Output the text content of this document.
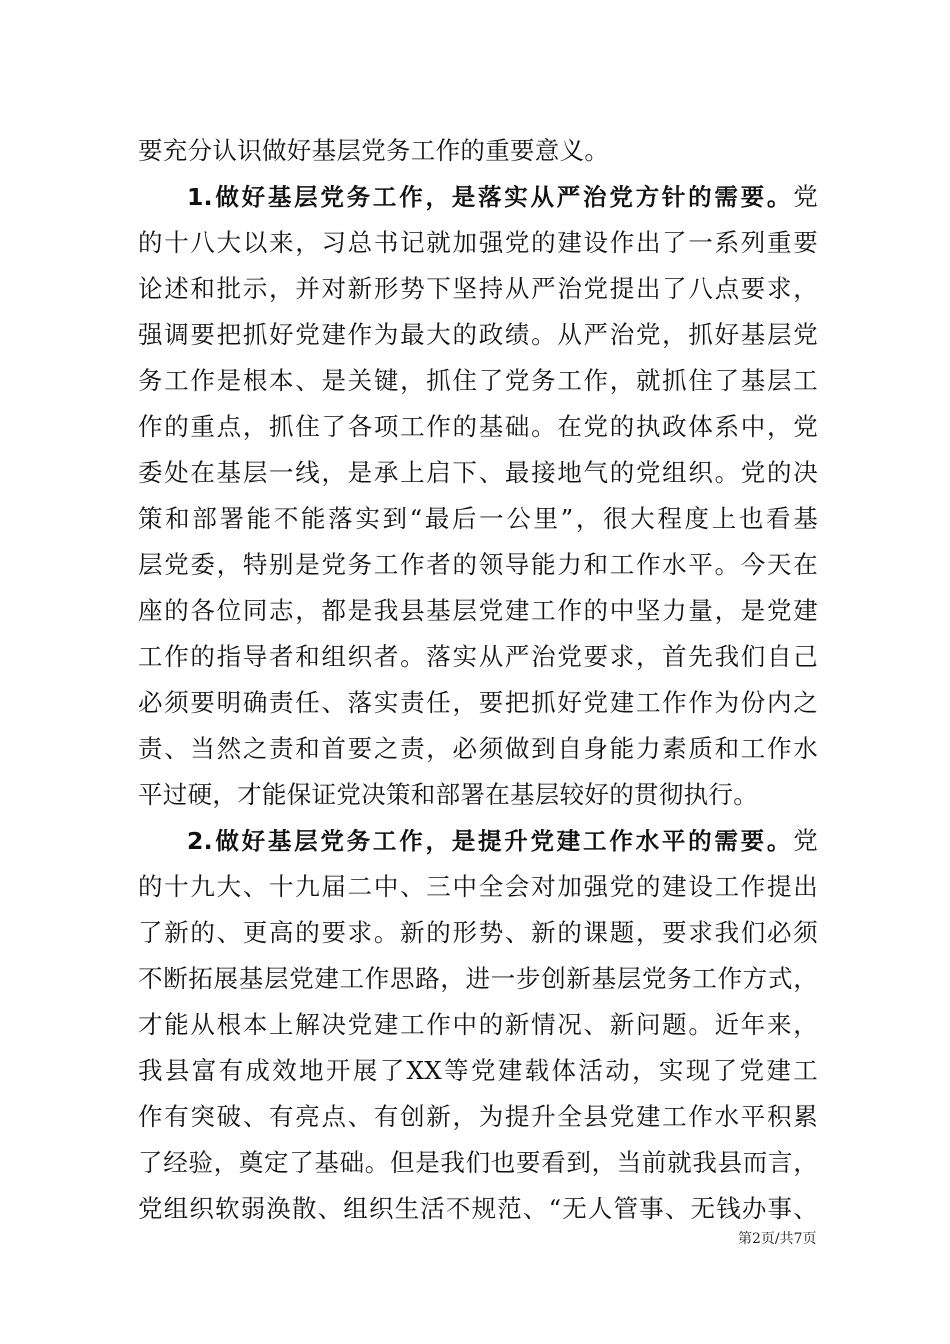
要充分认识做好基层党务工作的重要意义。
1.做好基层党务工作，是落实从严治党方针的需要。党
的十八大以来，习总书记就加强党的建设作出了一系列重要
论述和批示，并对新形势下坚持从严治党提出了八点要求，
强调要把抓好党建作为最大的政绩。从严治党，抓好基层党
务工作是根本、是关键，抓住了党务工作，就抓住了基层工
作的重点，抓住了各项工作的基础。在党的执政体系中，党
委处在基层一线，是承上启下、最接地气的党组织。党的决
策和部署能不能落实到“最后一公里”，很大程度上也看基
层党委，特别是党务工作者的领导能力和工作水平。今天在
座的各位同志，都是我县基层党建工作的中坚力量，是党建
工作的指导者和组织者。落实从严治党要求，首先我们自己
必须要明确责任、落实责任，要把抓好党建工作作为份内之
责、当然之责和首要之责，必须做到自身能力素质和工作水
平过硬，才能保证党决策和部署在基层较好的贯彻执行。
2.做好基层党务工作，是提升党建工作水平的需要。党
的十九大、十九届二中、三中全会对加强党的建设工作提出
了新的、更高的要求。新的形势、新的课题，要求我们必须
不断拓展基层党建工作思路，进一步创新基层党务工作方式，
才能从根本上解决党建工作中的新情况、新问题。近年来，
我县富有成效地开展了XX等党建载体活动，实现了党建工
作有突破、有亮点、有创新，为提升全县党建工作水平积累
了经验，奠定了基础。但是我们也要看到，当前就我县而言，
党组织软弱涣散、组织生活不规范、“无人管事、无钱办事、
第2页/共7页
